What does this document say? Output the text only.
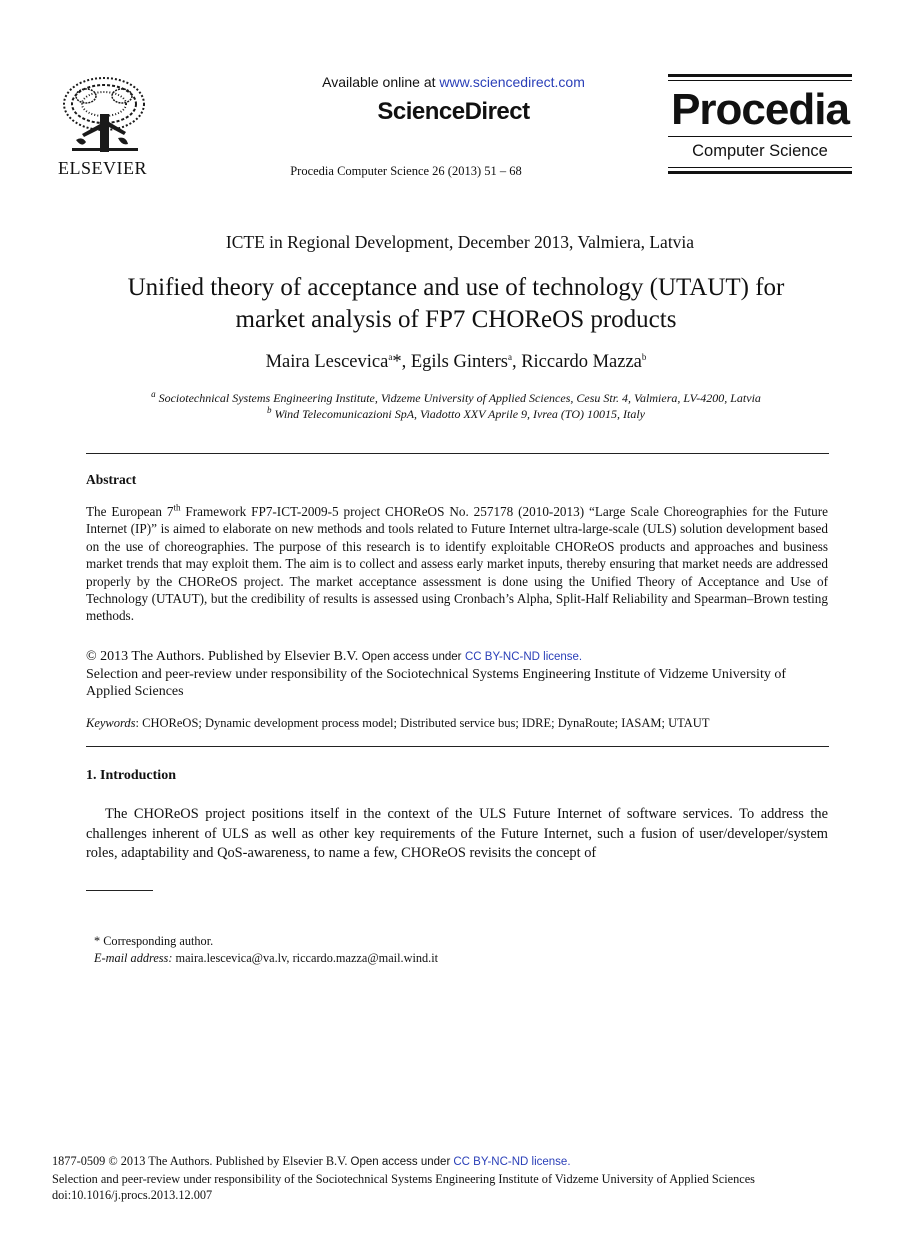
ELSEVIER
Available online at www.sciencedirect.com
ScienceDirect
Procedia Computer Science 26 (2013) 51 – 68
Procedia
Computer Science
ICTE in Regional Development, December 2013, Valmiera, Latvia
Unified theory of acceptance and use of technology (UTAUT) for
market analysis of FP7 CHOReOS products
Maira Lescevica$^a$*, Egils Ginters$^a$, Riccardo Mazza$^b$
$^a$ Sociotechnical Systems Engineering Institute, Vidzeme University of Applied Sciences, Cesu Str. 4, Valmiera, LV-4200, Latvia
$^b$ Wind Telecomunicazioni SpA, Viadotto XXV Aprile 9, Ivrea (TO) 10015, Italy
Abstract
The European 7th Framework FP7-ICT-2009-5 project CHOReOS No. 257178 (2010-2013) “Large Scale Choreographies for the Future Internet (IP)” is aimed to elaborate on new methods and tools related to Future Internet ultra-large-scale (ULS) solution development based on the use of choreographies. The purpose of this research is to identify exploitable CHOReOS products and approaches and business market trends that may exploit them. The aim is to collect and assess early market inputs, thereby ensuring that market needs are addressed properly by the CHOReOS project. The market acceptance assessment is done using the Unified Theory of Acceptance and Use of Technology (UTAUT), but the credibility of results is assessed using Cronbach’s Alpha, Split-Half Reliability and Spearman–Brown testing methods.
© 2013 The Authors. Published by Elsevier B.V. Open access under CC BY-NC-ND license.
Selection and peer-review under responsibility of the Sociotechnical Systems Engineering Institute of Vidzeme University of Applied Sciences
Keywords: CHOReOS; Dynamic development process model; Distributed service bus; IDRE; DynaRoute; IASAM; UTAUT
1. Introduction
The CHOReOS project positions itself in the context of the ULS Future Internet of software services. To address the challenges inherent of ULS as well as other key requirements of the Future Internet, such a fusion of user/developer/system roles, adaptability and QoS-awareness, to name a few, CHOReOS revisits the concept of
* Corresponding author.
E-mail address: maira.lescevica@va.lv, riccardo.mazza@mail.wind.it
1877-0509 © 2013 The Authors. Published by Elsevier B.V. Open access under CC BY-NC-ND license.
Selection and peer-review under responsibility of the Sociotechnical Systems Engineering Institute of Vidzeme University of Applied Sciences
doi:10.1016/j.procs.2013.12.007
